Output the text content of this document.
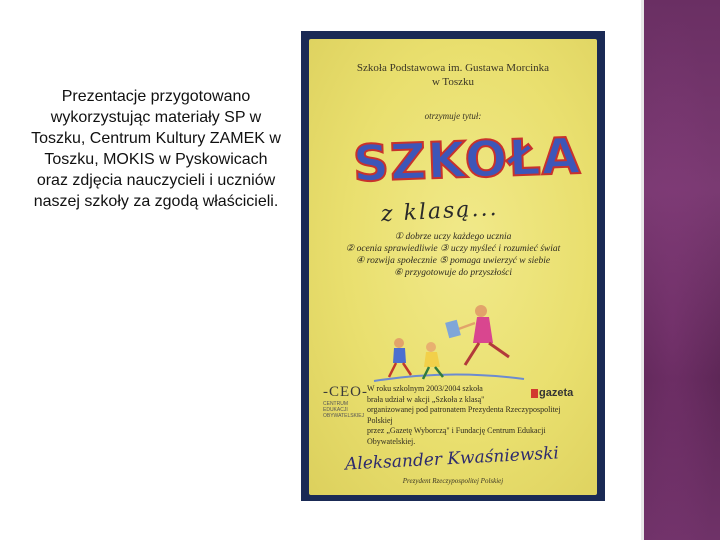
Prezentacje przygotowano wykorzystując materiały SP w Toszku, Centrum Kultury ZAMEK w Toszku, MOKIS w Pyskowicach oraz zdjęcia nauczycieli i uczniów naszej szkoły za zgodą właścicieli.
Szkoła Podstawowa im. Gustawa Morcinka
w Toszku
otrzymuje tytuł:
SZKOŁA
z klasą...
① dobrze uczy każdego ucznia
② ocenia sprawiedliwie ③ uczy myśleć i rozumieć świat
④ rozwija społecznie ⑤ pomaga uwierzyć w siebie
⑥ przygotowuje do przyszłości
-CEO-
CENTRUM EDUKACJI OBYWATELSKIEJ
gazeta
W roku szkolnym 2003/2004 szkoła
brała udział w akcji „Szkoła z klasą"
organizowanej pod patronatem Prezydenta Rzeczypospolitej Polskiej
przez „Gazetę Wyborczą" i Fundację Centrum Edukacji Obywatelskiej.
Aleksander Kwaśniewski
Prezydent Rzeczypospolitej Polskiej
